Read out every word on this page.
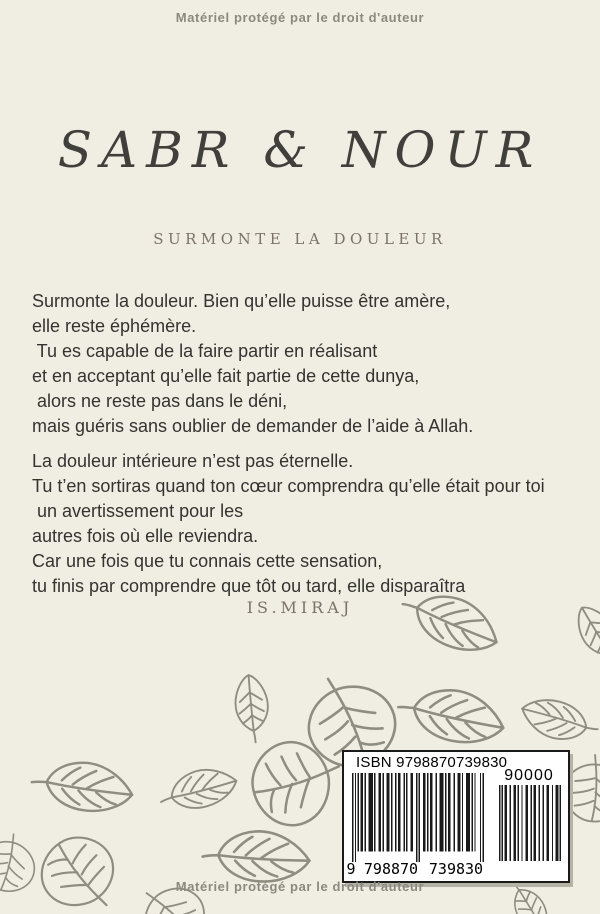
Matériel protégé par le droit d'auteur
SABR & NOUR
SURMONTE LA DOULEUR
Surmonte la douleur. Bien qu’elle puisse être amère,
elle reste éphémère.
Tu es capable de la faire partir en réalisant
et en acceptant qu’elle fait partie de cette dunya,
alors ne reste pas dans le déni,
mais guéris sans oublier de demander de l’aide à Allah.
La douleur intérieure n’est pas éternelle.
Tu t’en sortiras quand ton cœur comprendra qu’elle était pour toi
un avertissement pour les
autres fois où elle reviendra.
Car une fois que tu connais cette sensation,
tu finis par comprendre que tôt ou tard, elle disparaîtra
IS.MIRAJ
ISBN 9798870739830
9 798870 739830
90000
Matériel protégé par le droit d'auteur
